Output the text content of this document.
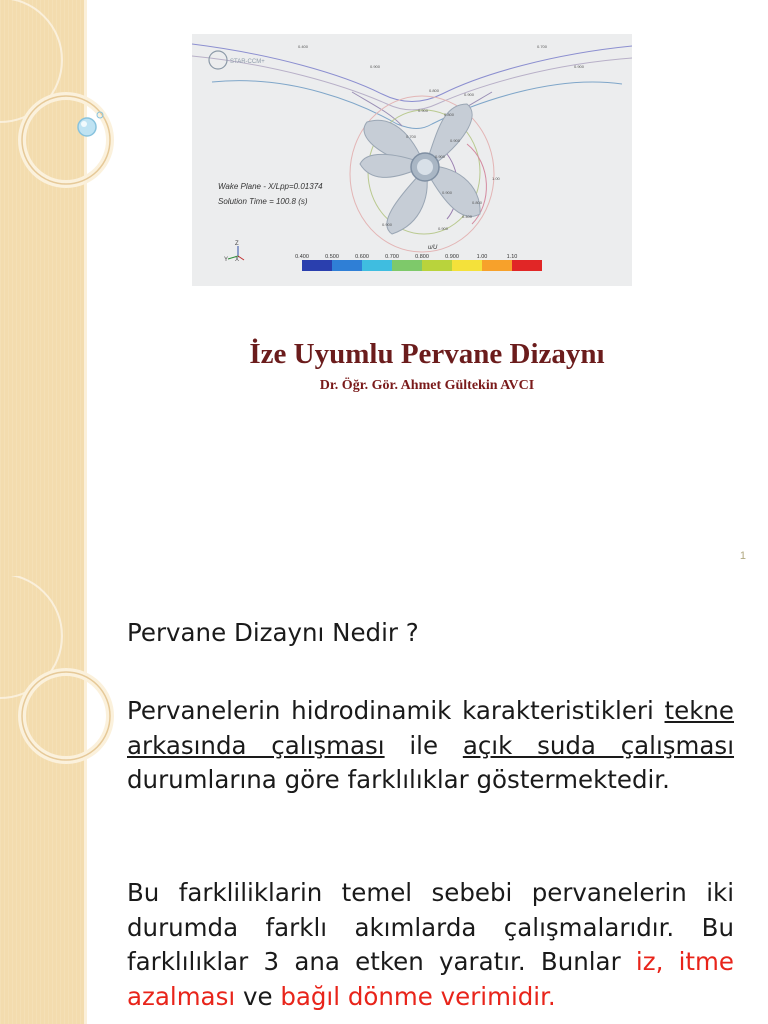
0.400	0.700
0.900	0.900
0.800
0.900
0.900
0.800
0.700
0.900
0.900
1.00
0.900
0.800
0.400
0.900
0.900
STAR-CCM+
Wake Plane - X/Lpp=0.01374
Solution Time = 100.8 (s)
Z
Y X
u/U
0.400	0.500	0.600	0.700	0.800	0.900	1.00	1.10
İze Uyumlu Pervane Dizaynı
Dr. Öğr. Gör. Ahmet Gültekin AVCI
1
Pervane Dizaynı Nedir ?
Pervanelerin hidrodinamik karakteristikleri tekne arkasında çalışması ile açık suda çalışması durumlarına göre farklılıklar göstermektedir.
Bu farkliliklarin temel sebebi pervanelerin iki durumda farklı akımlarda çalışmalarıdır. Bu farklılıklar 3 ana etken yaratır. Bunlar iz, itme azalması ve bağıl dönme verimidir.
